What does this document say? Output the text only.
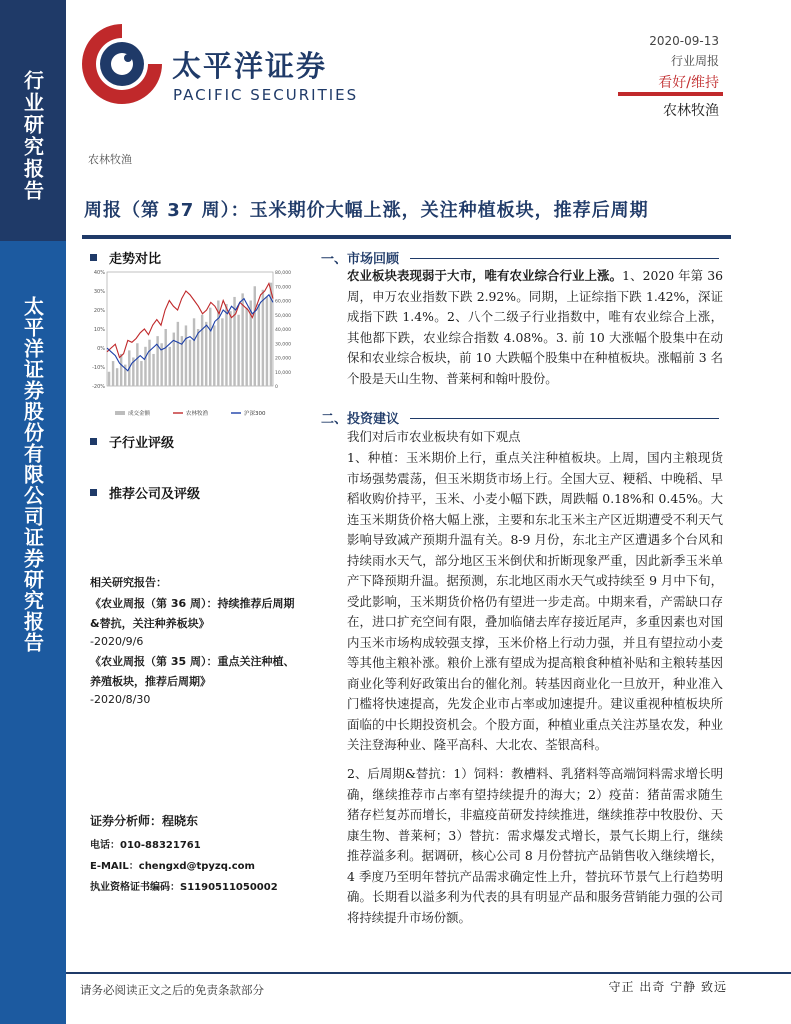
行业研究报告
太平洋证券股份有限公司证券研究报告
太平洋证券
PACIFIC SECURITIES
2020-09-13
行业周报
看好/维持
农林牧渔
农林牧渔
周报（第 37 周）：玉米期价大幅上涨，关注种植板块，推荐后周期
走势对比
40%
30%
20%
10%
0%
-10%
-20%
80,000
70,000
60,000
50,000
40,000
30,000
20,000
10,000
0
成交金额	农林牧渔	沪深300
子行业评级
推荐公司及评级
相关研究报告：
《农业周报（第 36 周）：持续推荐后周期&替抗，关注种养板块》
-2020/9/6
《农业周报（第 35 周）：重点关注种植、养殖板块，推荐后周期》
-2020/8/30
证券分析师：程晓东
电话：010-88321761
E-MAIL：chengxd@tpyzq.com
执业资格证书编码：S1190511050002
一、市场回顾
农业板块表现弱于大市，唯有农业综合行业上涨。1、2020 年第 36 周，申万农业指数下跌 2.92%。同期，上证综指下跌 1.42%，深证成指下跌 1.4%。2、八个二级子行业指数中，唯有农业综合上涨，其他都下跌，农业综合指数 4.08%。3. 前 10 大涨幅个股集中在动保和农业综合板块，前 10 大跌幅个股集中在种植板块。涨幅前 3 名个股是天山生物、普莱柯和翰叶股份。
二、投资建议
我们对后市农业板块有如下观点
1、种植：玉米期价上行，重点关注种植板块。上周，国内主粮现货市场强势震荡，但玉米期货市场上行。全国大豆、粳稻、中晚稻、早稻收购价持平，玉米、小麦小幅下跌，周跌幅 0.18%和 0.45%。大连玉米期货价格大幅上涨，主要和东北玉米主产区近期遭受不利天气影响导致减产预期升温有关。8-9 月份，东北主产区遭遇多个台风和持续雨水天气，部分地区玉米倒伏和折断现象严重，因此新季玉米单产下降预期升温。据预测，东北地区雨水天气或持续至 9 月中下旬，受此影响，玉米期货价格仍有望进一步走高。中期来看，产需缺口存在，进口扩充空间有限，叠加临储去库存接近尾声，多重因素也对国内玉米市场构成较强支撑，玉米价格上行动力强，并且有望拉动小麦等其他主粮补涨。粮价上涨有望成为提高粮食种植补贴和主粮转基因商业化等利好政策出台的催化剂。转基因商业化一旦放开，种业准入门槛将快速提高，先发企业市占率或加速提升。建议重视种植板块所面临的中长期投资机会。个股方面，种植业重点关注苏垦农发，种业关注登海种业、隆平高科、大北农、荃银高科。
2、后周期&替抗：1）饲料：教槽料、乳猪料等高端饲料需求增长明确，继续推荐市占率有望持续提升的海大；2）疫苗：猪苗需求随生猪存栏复苏而增长，非瘟疫苗研发持续推进，继续推荐中牧股份、天康生物、普莱柯；3）替抗：需求爆发式增长，景气长期上行，继续推荐溢多利。据调研，核心公司 8 月份替抗产品销售收入继续增长，4 季度乃至明年替抗产品需求确定性上升，替抗环节景气上行趋势明确。长期看以溢多利为代表的具有明显产品和服务营销能力强的公司将持续提升市场份额。
请务必阅读正文之后的免责条款部分	守正 出奇 宁静 致远
